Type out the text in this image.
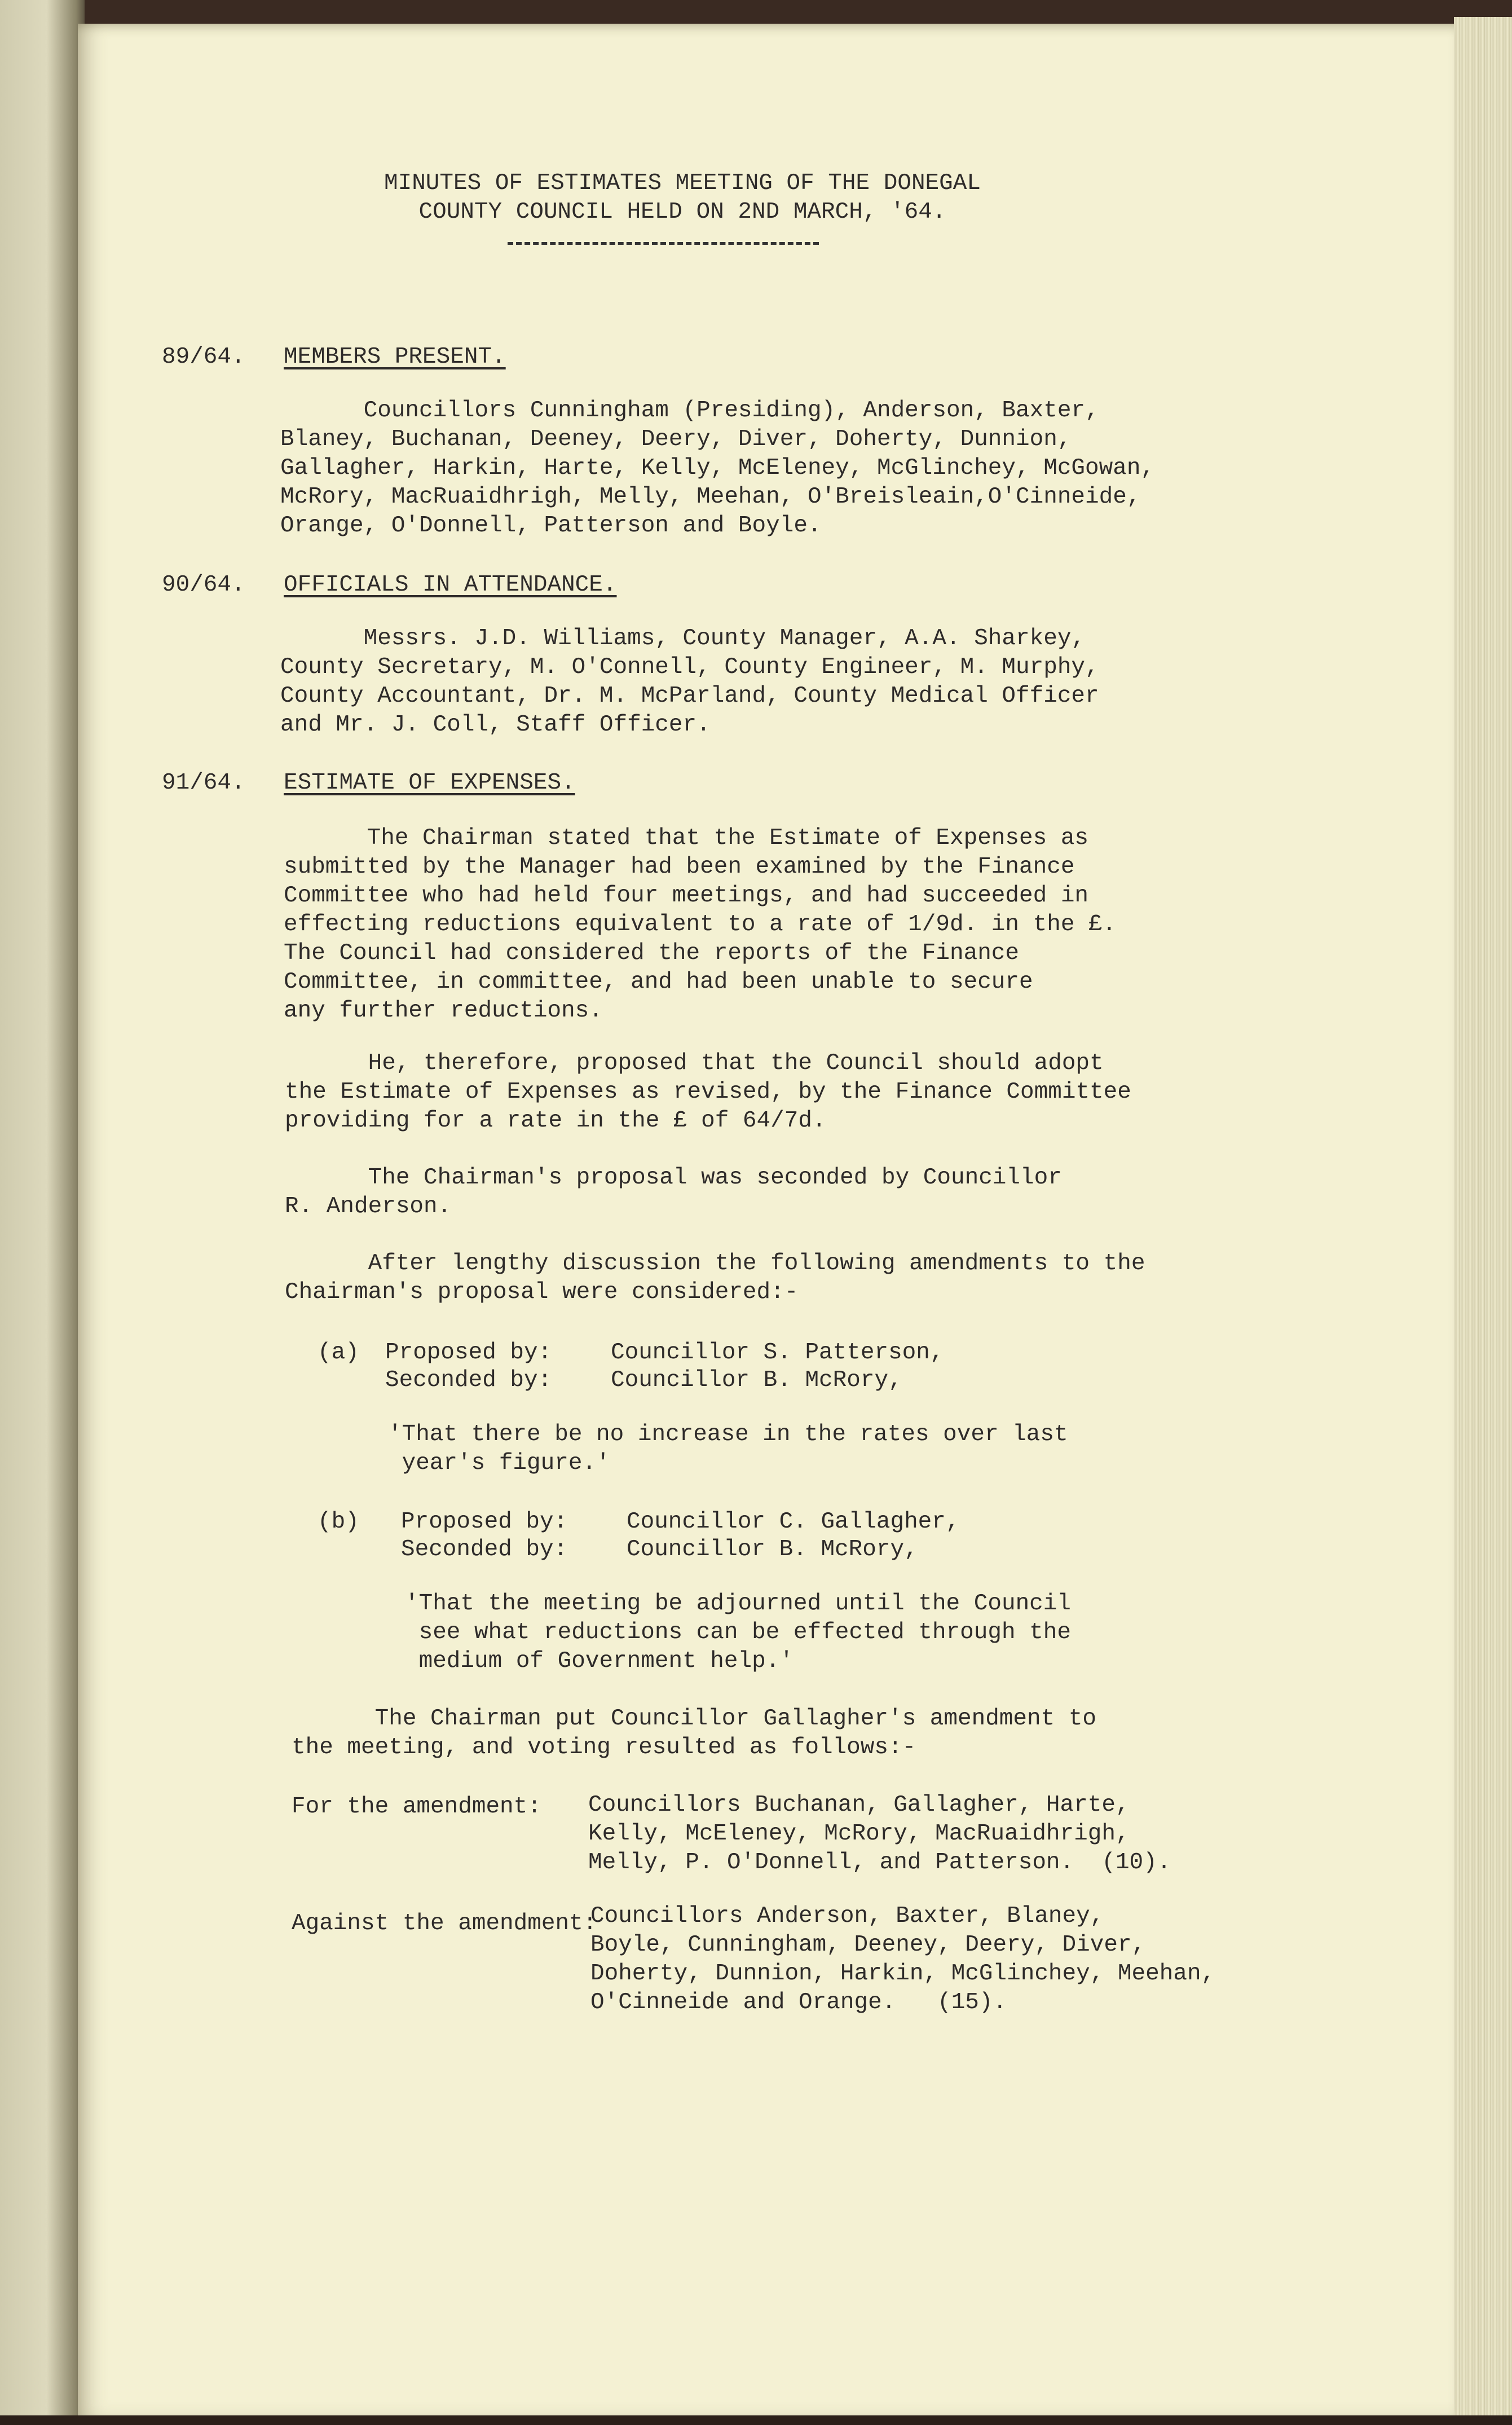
MINUTES OF ESTIMATES MEETING OF THE DONEGAL
COUNTY COUNCIL HELD ON 2ND MARCH, '64.
89/64. MEMBERS PRESENT.
Councillors Cunningham (Presiding), Anderson, Baxter,
Blaney, Buchanan, Deeney, Deery, Diver, Doherty, Dunnion,
Gallagher, Harkin, Harte, Kelly, McEleney, McGlinchey, McGowan,
McRory, MacRuaidhrigh, Melly, Meehan, O'Breisleain,O'Cinneide,
Orange, O'Donnell, Patterson and Boyle.
90/64. OFFICIALS IN ATTENDANCE.
Messrs. J.D. Williams, County Manager, A.A. Sharkey,
County Secretary, M. O'Connell, County Engineer, M. Murphy,
County Accountant, Dr. M. McParland, County Medical Officer
and Mr. J. Coll, Staff Officer.
91/64. ESTIMATE OF EXPENSES.
The Chairman stated that the Estimate of Expenses as
submitted by the Manager had been examined by the Finance
Committee who had held four meetings, and had succeeded in
effecting reductions equivalent to a rate of 1/9d. in the £.
The Council had considered the reports of the Finance
Committee, in committee, and had been unable to secure
any further reductions.
He, therefore, proposed that the Council should adopt
the Estimate of Expenses as revised, by the Finance Committee
providing for a rate in the £ of 64/7d.
The Chairman's proposal was seconded by Councillor
R. Anderson.
After lengthy discussion the following amendments to the
Chairman's proposal were considered:-
(a) Proposed by:	Councillor S. Patterson,
Seconded by:	Councillor B. McRory,
'That there be no increase in the rates over last
year's figure.'
(b) Proposed by:	Councillor C. Gallagher,
Seconded by:	Councillor B. McRory,
'That the meeting be adjourned until the Council
see what reductions can be effected through the
medium of Government help.'
The Chairman put Councillor Gallagher's amendment to
the meeting, and voting resulted as follows:-
For the amendment: Councillors Buchanan, Gallagher, Harte,
Kelly, McEleney, McRory, MacRuaidhrigh,
Melly, P. O'Donnell, and Patterson.  (10).
Against the amendment:
Councillors Anderson, Baxter, Blaney,
Boyle, Cunningham, Deeney, Deery, Diver,
Doherty, Dunnion, Harkin, McGlinchey, Meehan,
O'Cinneide and Orange.   (15).
